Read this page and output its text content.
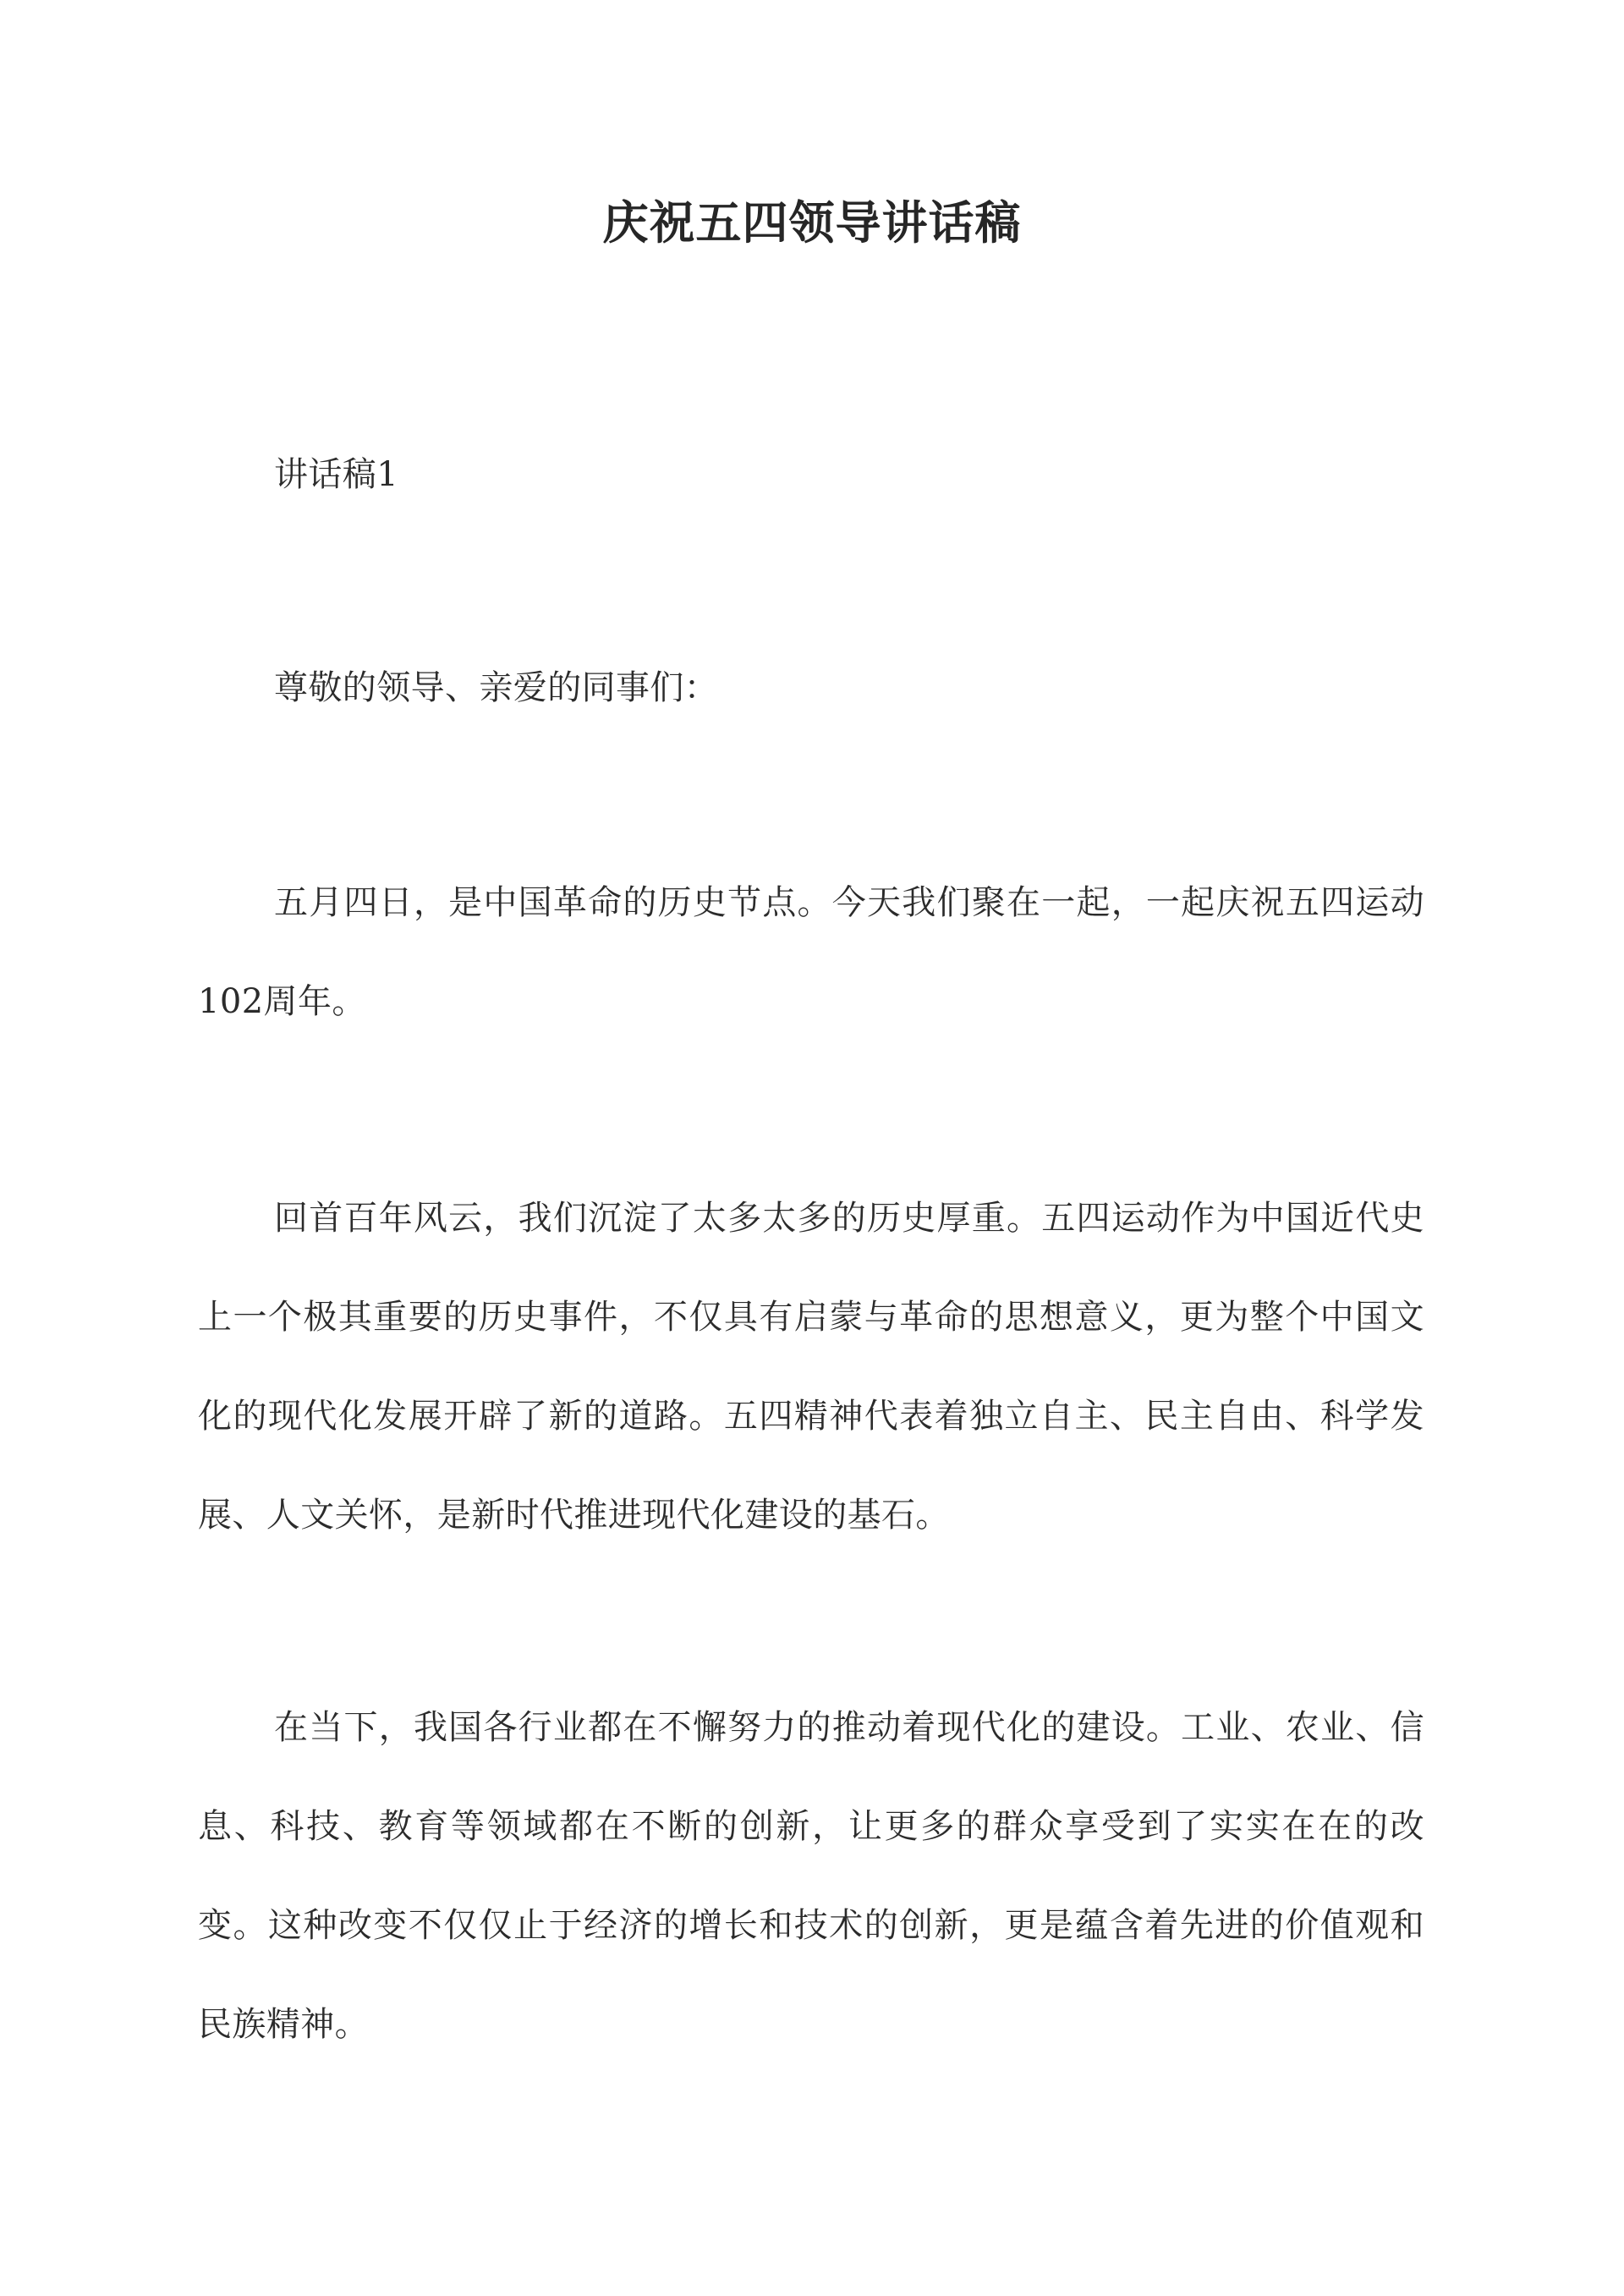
庆祝五四领导讲话稿
讲话稿1
尊敬的领导、亲爱的同事们：
五月四日，是中国革命的历史节点。今天我们聚在一起，一起庆祝五四运动102周年。
回首百年风云，我们沉淀了太多太多的历史厚重。五四运动作为中国近代史上一个极其重要的历史事件，不仅具有启蒙与革命的思想意义，更为整个中国文化的现代化发展开辟了新的道路。五四精神代表着独立自主、民主自由、科学发展、人文关怀，是新时代推进现代化建设的基石。
在当下，我国各行业都在不懈努力的推动着现代化的建设。工业、农业、信息、科技、教育等领域都在不断的创新，让更多的群众享受到了实实在在的改变。这种改变不仅仅止于经济的增长和技术的创新，更是蕴含着先进的价值观和民族精神。
